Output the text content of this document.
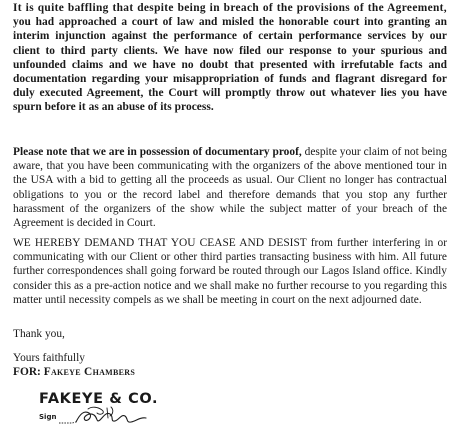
It is quite baffling that despite being in breach of the provisions of the Agreement, you had approached a court of law and misled the honorable court into granting an interim injunction against the performance of certain performance services by our client to third party clients. We have now filed our response to your spurious and unfounded claims and we have no doubt that presented with irrefutable facts and documentation regarding your misappropriation of funds and flagrant disregard for duly executed Agreement, the Court will promptly throw out whatever lies you have spurn before it as an abuse of its process.

Please note that we are in possession of documentary proof, despite your claim of not being aware, that you have been communicating with the organizers of the above mentioned tour in the USA with a bid to getting all the proceeds as usual. Our Client no longer has contractual obligations to you or the record label and therefore demands that you stop any further harassment of the organizers of the show while the subject matter of your breach of the Agreement is decided in Court.

WE HEREBY DEMAND THAT YOU CEASE AND DESIST from further interfering in or communicating with our Client or other third parties transacting business with him. All future further correspondences shall going forward be routed through our Lagos Island office. Kindly consider this as a pre-action notice and we shall make no further recourse to you regarding this matter until necessity compels as we shall be meeting in court on the next adjourned date.

Thank you,

Yours faithfully

FOR: Fakeye Chambers

FAKEYE & CO.

Sign
